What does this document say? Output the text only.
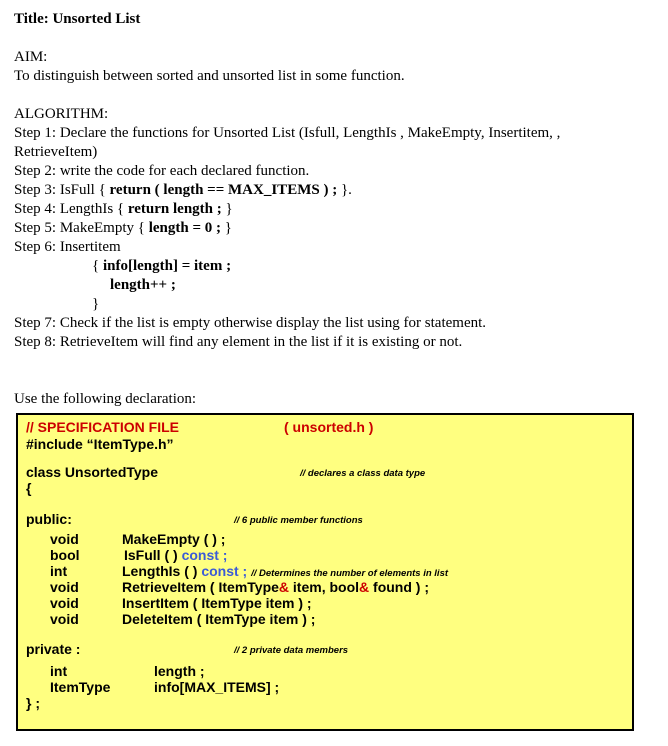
Title: Unsorted List
AIM:
To distinguish between sorted and unsorted list in some function.
ALGORITHM:
Step 1: Declare the functions for Unsorted List (Isfull, LengthIs , MakeEmpty, Insertitem, ,
RetrieveItem)
Step 2: write the code for each declared function.
Step 3: IsFull { return ( length == MAX_ITEMS ) ; }.
Step 4: LengthIs { return length ; }
Step 5: MakeEmpty { length = 0 ; }
Step 6: Insertitem
{ info[length] = item ;
length++ ;
}
Step 7: Check if the list is empty otherwise display the list using for statement.
Step 8: RetrieveItem will find any element in the list if it is existing or not.
Use the following declaration:
// SPECIFICATION FILE	( unsorted.h )
#include “ItemType.h”
class UnsortedType	// declares a class data type
{
public:	// 6 public member functions
void	MakeEmpty ( ) ;
bool	IsFull ( ) const ;
int	LengthIs ( ) const ; // Determines the number of elements in list
void	RetrieveItem ( ItemType& item, bool& found ) ;
void	InsertItem ( ItemType item ) ;
void	DeleteItem ( ItemType item ) ;
private :	// 2 private data members
int	length ;
ItemType	info[MAX_ITEMS] ;
} ;
